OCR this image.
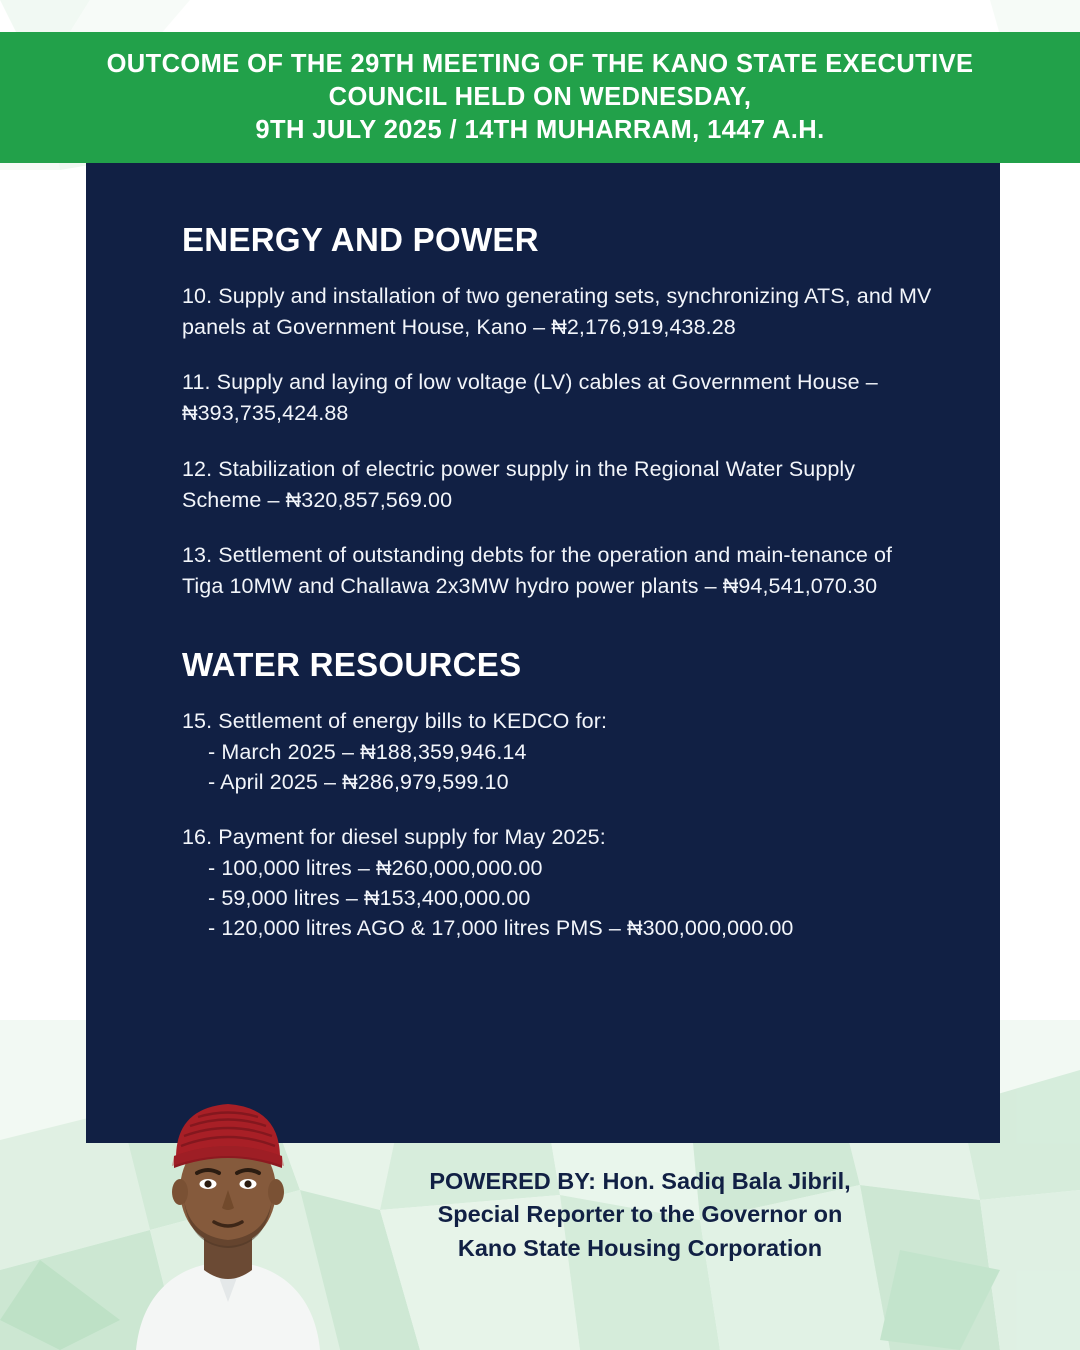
OUTCOME OF THE 29TH MEETING OF THE KANO STATE EXECUTIVE
COUNCIL HELD ON WEDNESDAY,
9TH JULY 2025 / 14TH MUHARRAM, 1447 A.H.
ENERGY AND POWER
10. Supply and installation of two generating sets, synchronizing ATS, and MV panels at Government House, Kano – ₦2,176,919,438.28
11. Supply and laying of low voltage (LV) cables at Government House – ₦393,735,424.88
12. Stabilization of electric power supply in the Regional Water Supply Scheme – ₦320,857,569.00
13. Settlement of outstanding debts for the operation and main-tenance of Tiga 10MW and Challawa 2x3MW hydro power plants – ₦94,541,070.30
WATER RESOURCES
15. Settlement of energy bills to KEDCO for:
- March 2025 – ₦188,359,946.14
- April 2025 – ₦286,979,599.10
16. Payment for diesel supply for May 2025:
- 100,000 litres – ₦260,000,000.00
- 59,000 litres – ₦153,400,000.00
- 120,000 litres AGO & 17,000 litres PMS – ₦300,000,000.00
POWERED BY: Hon. Sadiq Bala Jibril,
Special Reporter to the Governor on
Kano State Housing Corporation
